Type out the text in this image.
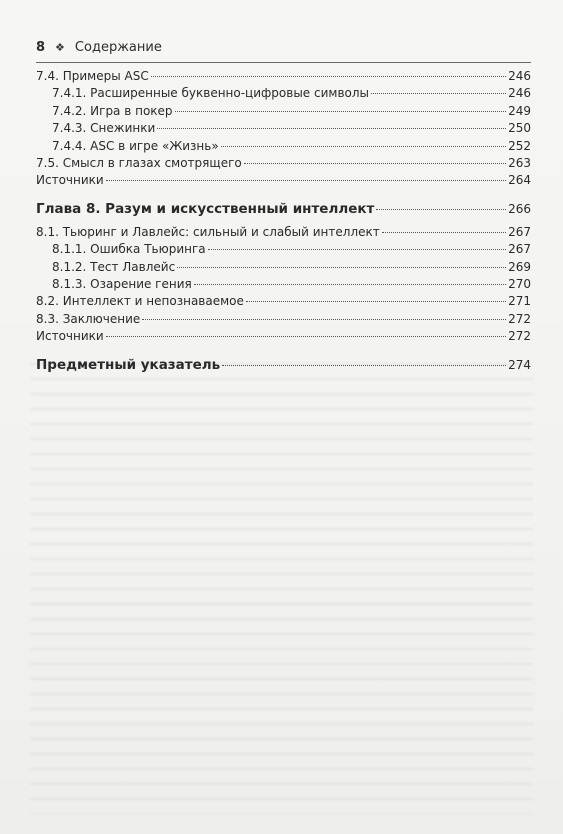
8 ❖ Содержание
7.4. Примеры ASC	246
7.4.1. Расширенные буквенно-цифровые символы	246
7.4.2. Игра в покер	249
7.4.3. Снежинки	250
7.4.4. ASC в игре «Жизнь»	252
7.5. Смысл в глазах смотрящего	263
Источники	264
Глава 8. Разум и искусственный интеллект	266
8.1. Тьюринг и Лавлейс: сильный и слабый интеллект	267
8.1.1. Ошибка Тьюринга	267
8.1.2. Тест Лавлейс	269
8.1.3. Озарение гения	270
8.2. Интеллект и непознаваемое	271
8.3. Заключение	272
Источники	272
Предметный указатель	274
